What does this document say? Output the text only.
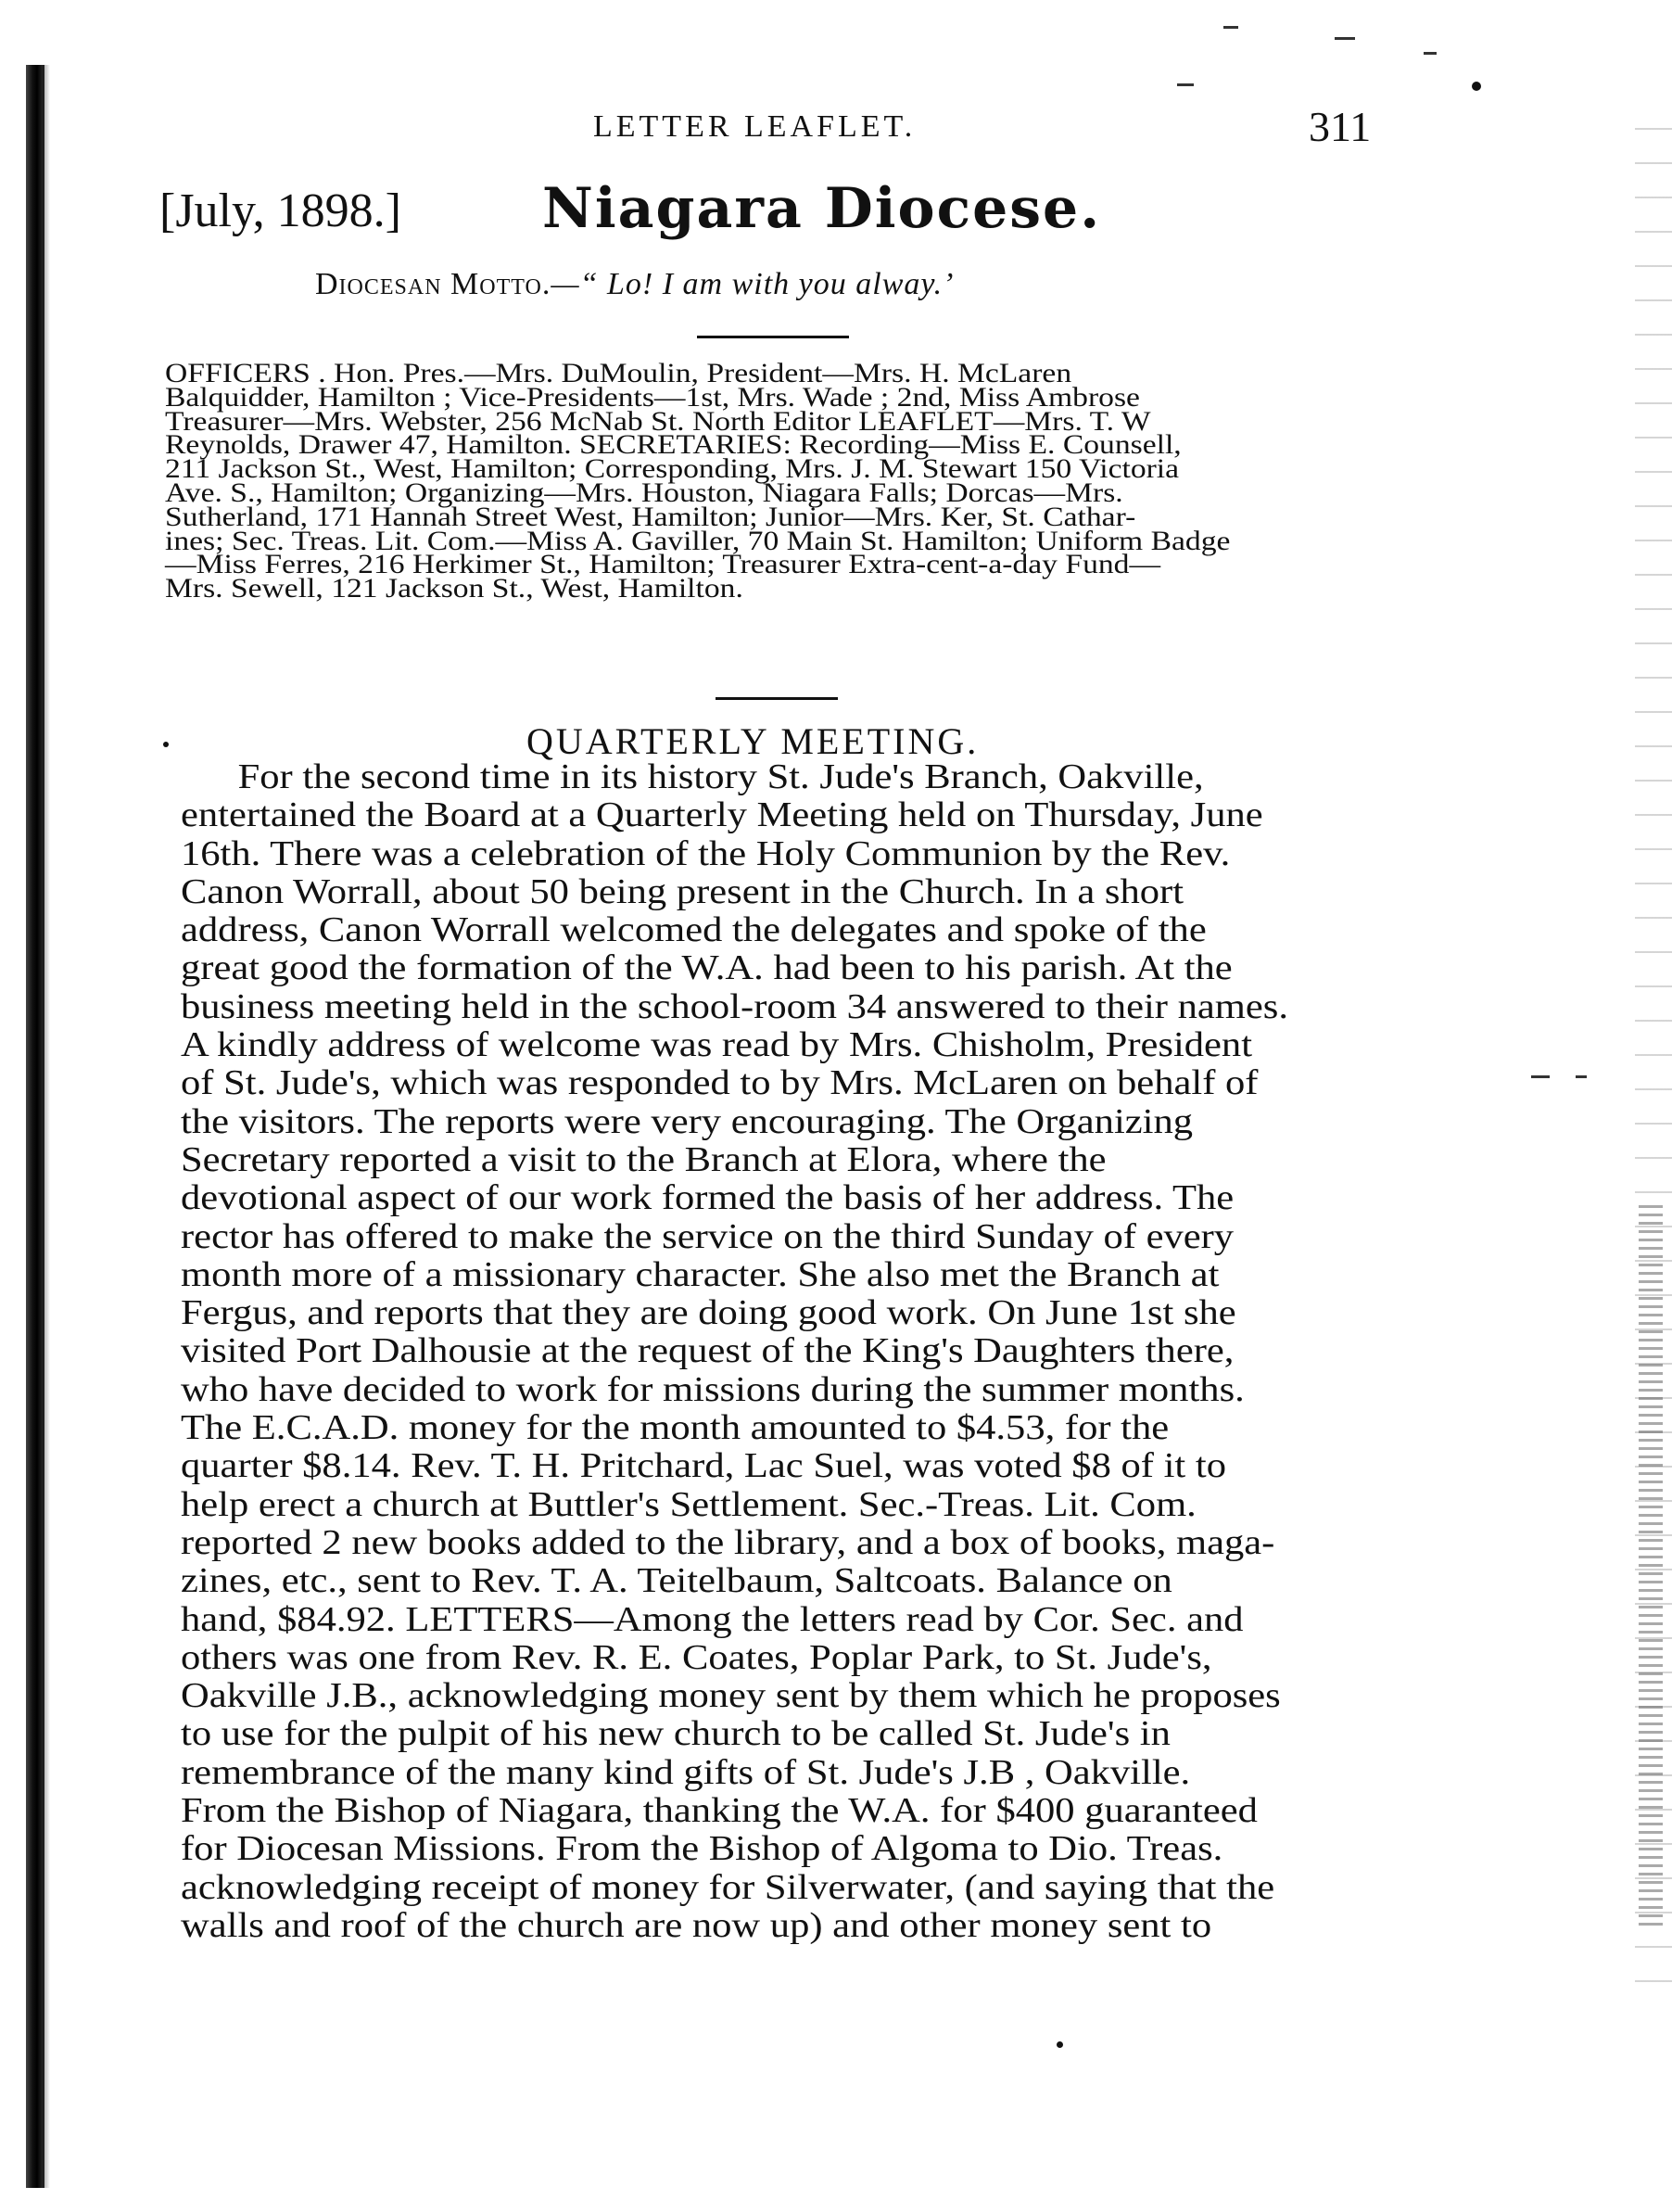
LETTER LEAFLET.	311
[July, 1898.]	Niagara Diocese.
Diocesan Motto.—“ Lo! I am with you alway.’
OFFICERS . Hon. Pres.—Mrs. DuMoulin, President—Mrs. H. McLaren
Balquidder, Hamilton ; Vice-Presidents—1st, Mrs. Wade ; 2nd, Miss Ambrose
Treasurer—Mrs. Webster, 256 McNab St. North Editor LEAFLET—Mrs. T. W
Reynolds, Drawer 47, Hamilton. SECRETARIES: Recording—Miss E. Counsell,
211 Jackson St., West, Hamilton; Corresponding, Mrs. J. M. Stewart 150 Victoria
Ave. S., Hamilton; Organizing—Mrs. Houston, Niagara Falls; Dorcas—Mrs.
Sutherland, 171 Hannah Street West, Hamilton; Junior—Mrs. Ker, St. Cathar-
ines; Sec. Treas. Lit. Com.—Miss A. Gaviller, 70 Main St. Hamilton; Uniform Badge
—Miss Ferres, 216 Herkimer St., Hamilton; Treasurer Extra-cent-a-day Fund—
Mrs. Sewell, 121 Jackson St., West, Hamilton.
QUARTERLY MEETING.
For the second time in its history St. Jude's Branch, Oakville,
entertained the Board at a Quarterly Meeting held on Thursday, June
16th. There was a celebration of the Holy Communion by the Rev.
Canon Worrall, about 50 being present in the Church. In a short
address, Canon Worrall welcomed the delegates and spoke of the
great good the formation of the W.A. had been to his parish. At the
business meeting held in the school-room 34 answered to their names.
A kindly address of welcome was read by Mrs. Chisholm, President
of St. Jude's, which was responded to by Mrs. McLaren on behalf of
the visitors. The reports were very encouraging. The Organizing
Secretary reported a visit to the Branch at Elora, where the
devotional aspect of our work formed the basis of her address. The
rector has offered to make the service on the third Sunday of every
month more of a missionary character. She also met the Branch at
Fergus, and reports that they are doing good work. On June 1st she
visited Port Dalhousie at the request of the King's Daughters there,
who have decided to work for missions during the summer months.
The E.C.A.D. money for the month amounted to $4.53, for the
quarter $8.14. Rev. T. H. Pritchard, Lac Suel, was voted $8 of it to
help erect a church at Buttler's Settlement. Sec.-Treas. Lit. Com.
reported 2 new books added to the library, and a box of books, maga-
zines, etc., sent to Rev. T. A. Teitelbaum, Saltcoats. Balance on
hand, $84.92. LETTERS—Among the letters read by Cor. Sec. and
others was one from Rev. R. E. Coates, Poplar Park, to St. Jude's,
Oakville J.B., acknowledging money sent by them which he proposes
to use for the pulpit of his new church to be called St. Jude's in
remembrance of the many kind gifts of St. Jude's J.B , Oakville.
From the Bishop of Niagara, thanking the W.A. for $400 guaranteed
for Diocesan Missions. From the Bishop of Algoma to Dio. Treas.
acknowledging receipt of money for Silverwater, (and saying that the
walls and roof of the church are now up) and other money sent to
